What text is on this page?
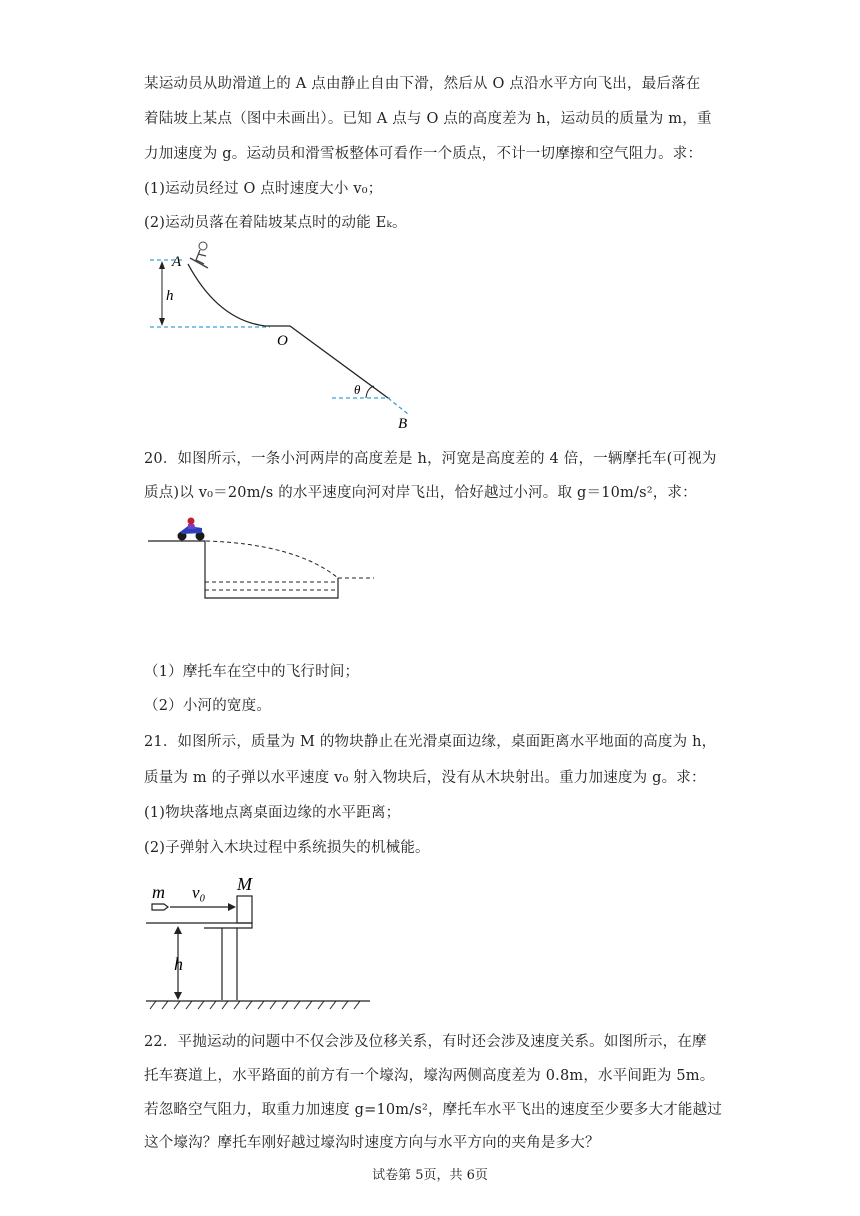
某运动员从助滑道上的 A 点由静止自由下滑，然后从 O 点沿水平方向飞出，最后落在
着陆坡上某点（图中未画出）。已知 A 点与 O 点的高度差为 h，运动员的质量为 m，重
力加速度为 g。运动员和滑雪板整体可看作一个质点，不计一切摩擦和空气阻力。求：
(1)运动员经过 O 点时速度大小 v₀；
(2)运动员落在着陆坡某点时的动能 Eₖ。
A
h
O
θ
B
20．如图所示，一条小河两岸的高度差是 h，河宽是高度差的 4 倍，一辆摩托车(可视为
质点)以 v₀＝20m/s 的水平速度向河对岸飞出，恰好越过小河。取 g＝10m/s²，求：
（1）摩托车在空中的飞行时间；
（2）小河的宽度。
21．如图所示，质量为 M 的物块静止在光滑桌面边缘，桌面距离水平地面的高度为 h，
质量为 m 的子弹以水平速度 v₀ 射入物块后，没有从木块射出。重力加速度为 g。求：
(1)物块落地点离桌面边缘的水平距离；
(2)子弹射入木块过程中系统损失的机械能。
m v₀ M
h
22．平抛运动的问题中不仅会涉及位移关系，有时还会涉及速度关系。如图所示，在摩
托车赛道上，水平路面的前方有一个壕沟，壕沟两侧高度差为 0.8m，水平间距为 5m。
若忽略空气阻力，取重力加速度 g=10m/s²，摩托车水平飞出的速度至少要多大才能越过
这个壕沟？摩托车刚好越过壕沟时速度方向与水平方向的夹角是多大？
试卷第 5页，共 6页
